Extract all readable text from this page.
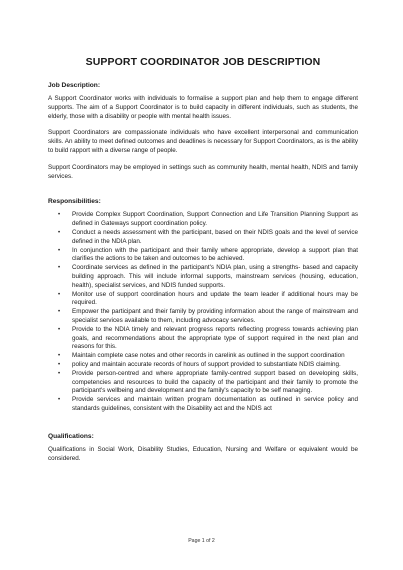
SUPPORT COORDINATOR JOB DESCRIPTION
Job Description:

A Support Coordinator works with individuals to formalise a support plan and help them to engage different supports. The aim of a Support Coordinator is to build capacity in different individuals, such as students, the elderly, those with a disability or people with mental health issues.

Support Coordinators are compassionate individuals who have excellent interpersonal and communication skills. An ability to meet defined outcomes and deadlines is necessary for Support Coordinators, as is the ability to build rapport with a diverse range of people.

Support Coordinators may be employed in settings such as community health, mental health, NDIS and family services.

Responsibilities:
• Provide Complex Support Coordination, Support Connection and Life Transition Planning Support as defined in Gateways support coordination policy.
• Conduct a needs assessment with the participant, based on their NDIS goals and the level of service defined in the NDIA plan.
• In conjunction with the participant and their family where appropriate, develop a support plan that clarifies the actions to be taken and outcomes to be achieved.
• Coordinate services as defined in the participant's NDIA plan, using a strengths- based and capacity building approach. This will include informal supports, mainstream services (housing, education, health), specialist services, and NDIS funded supports.
• Monitor use of support coordination hours and update the team leader if additional hours may be required.
• Empower the participant and their family by providing information about the range of mainstream and specialist services available to them, including advocacy services.
• Provide to the NDIA timely and relevant progress reports reflecting progress towards achieving plan goals, and recommendations about the appropriate type of support required in the next plan and reasons for this.
• Maintain complete case notes and other records in carelink as outlined in the support coordination
• policy and maintain accurate records of hours of support provided to substantiate NDIS claiming.
• Provide person-centred and where appropriate family-centred support based on developing skills, competencies and resources to build the capacity of the participant and their family to promote the participant's wellbeing and development and the family's capacity to be self managing.
• Provide services and maintain written program documentation as outlined in service policy and standards guidelines, consistent with the Disability act and the NDIS act
Qualifications:

Qualifications in Social Work, Disability Studies, Education, Nursing and Welfare or equivalent would be considered.

Page 1 of 2
